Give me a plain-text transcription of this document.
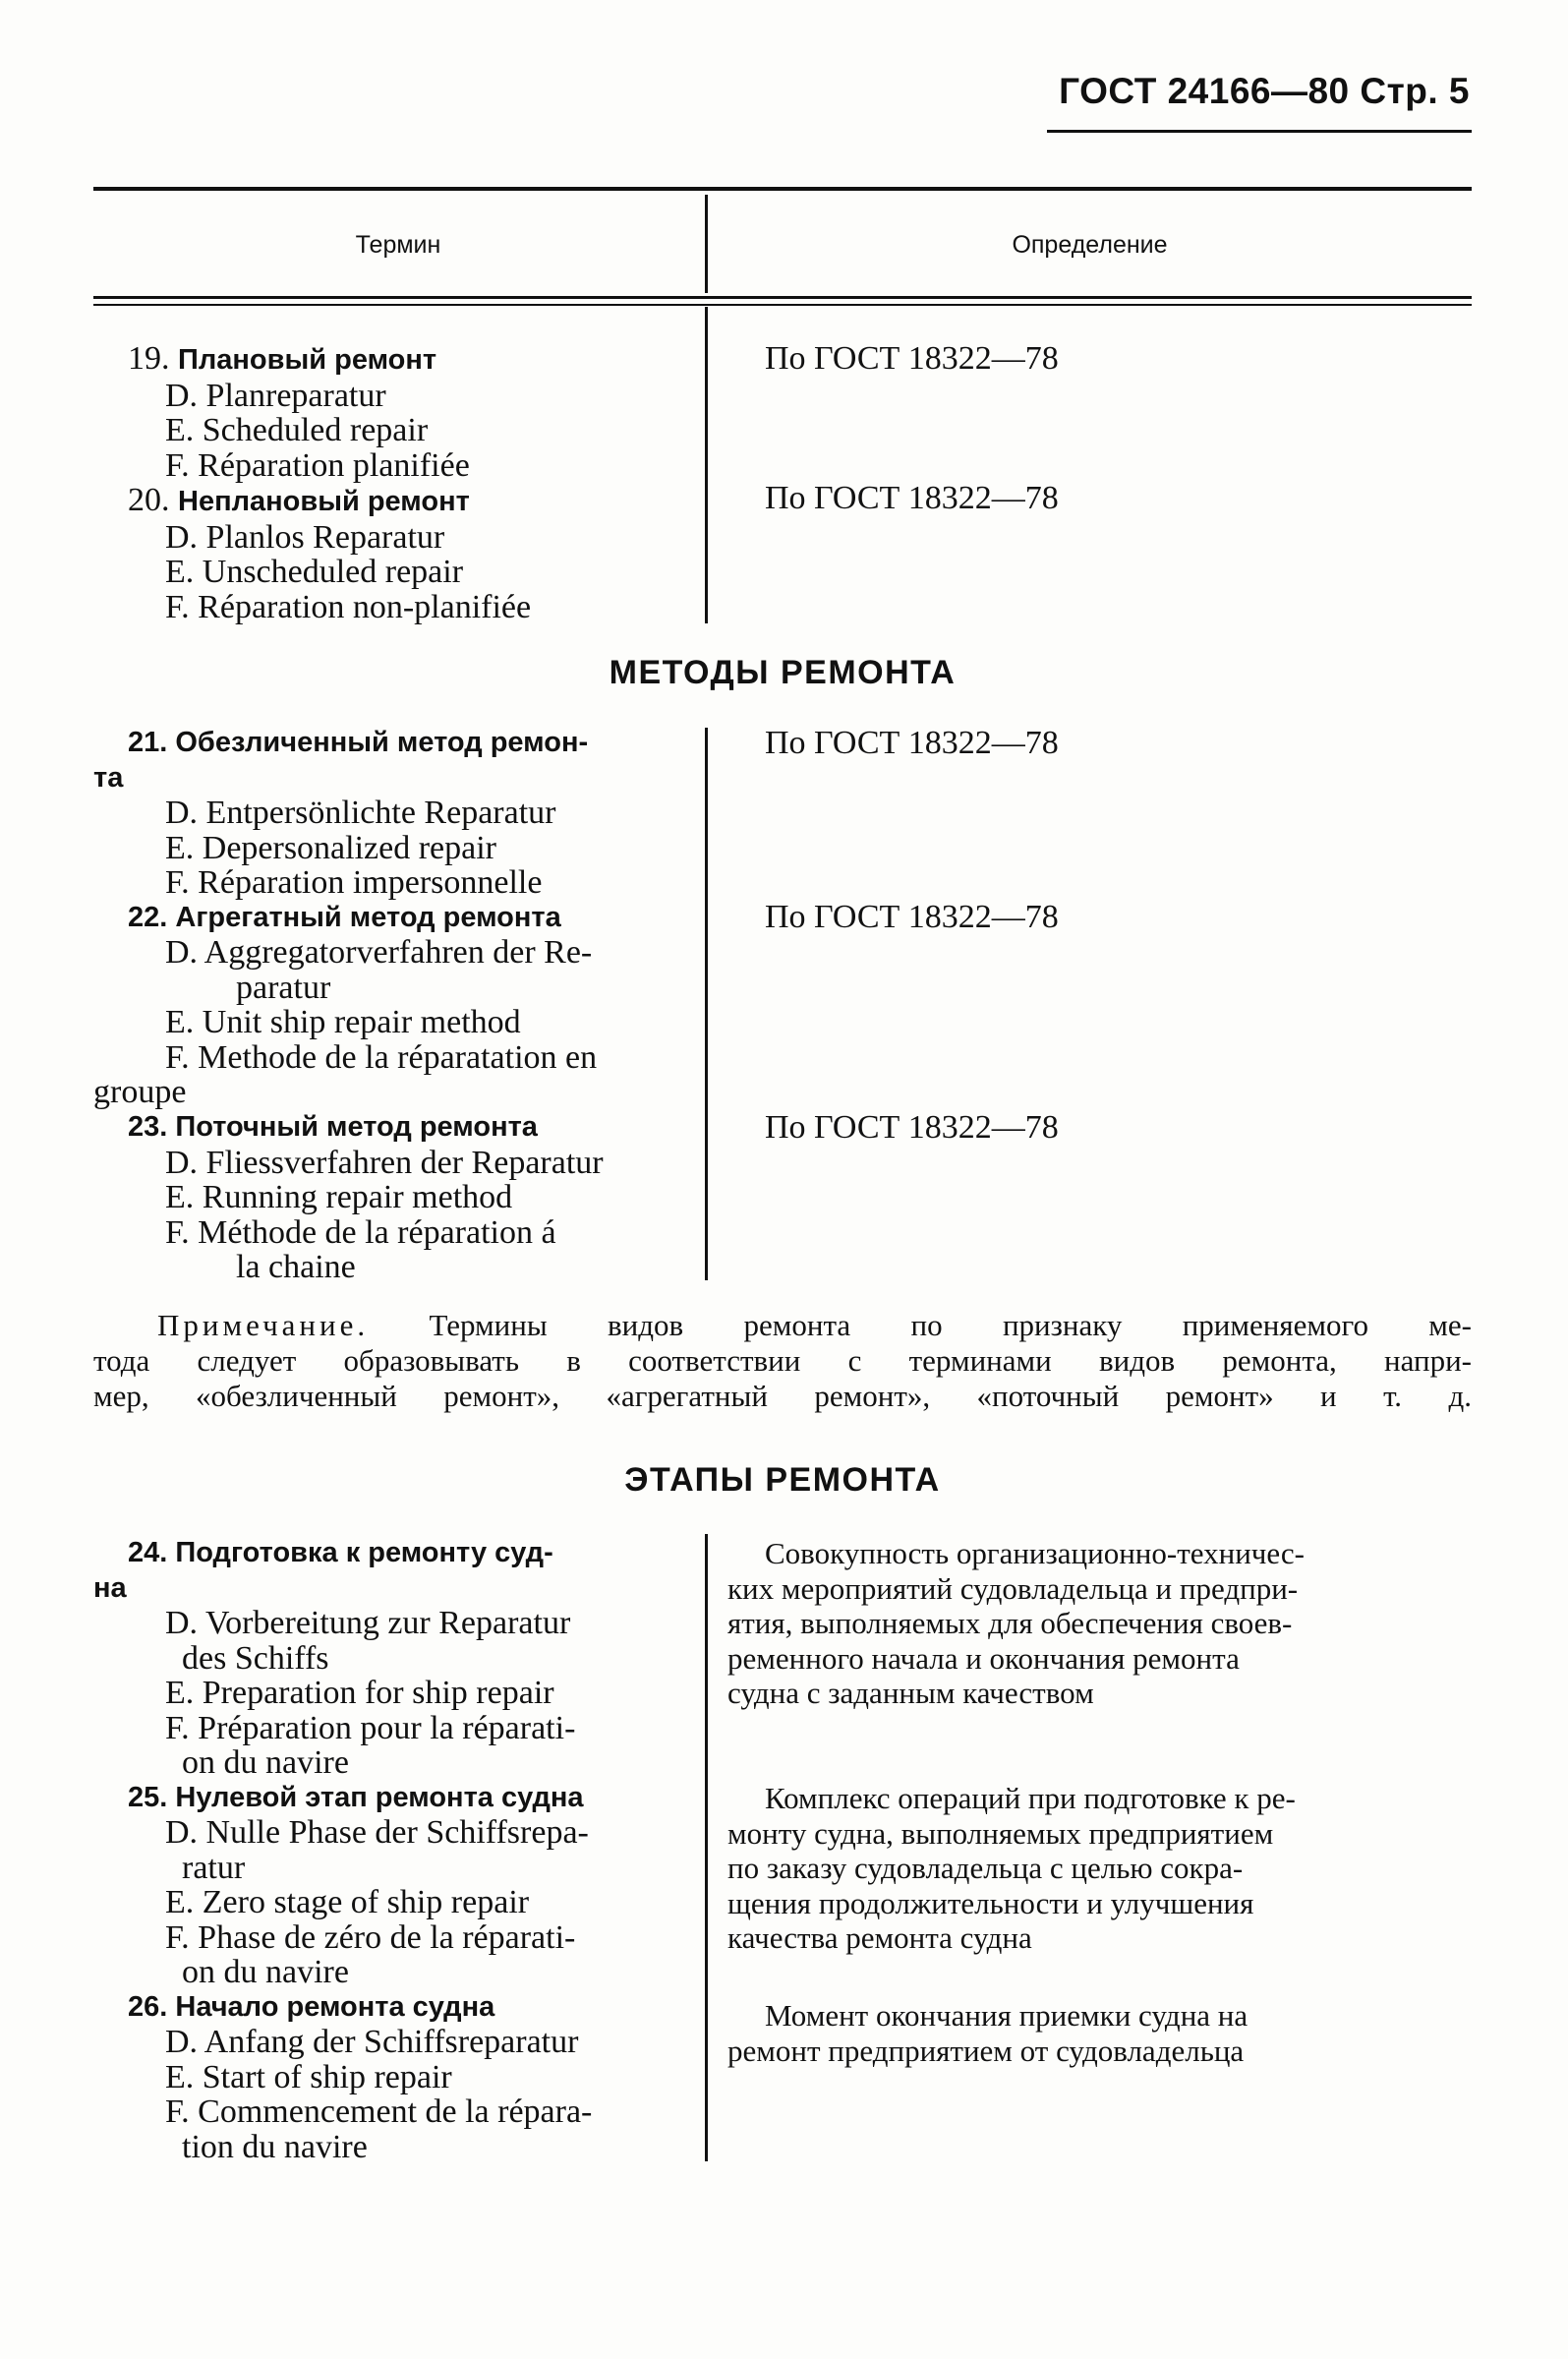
ГОСТ 24166—80 Стр. 5
Термин	Определение
19. Плановый ремонт
D. Planreparatur
E. Scheduled repair
F. Réparation planifiée
20. Неплановый ремонт
D. Planlos Reparatur
E. Unscheduled repair
F. Réparation non-planifiée
По ГОСТ 18322—78
По ГОСТ 18322—78
МЕТОДЫ РЕМОНТА
21. Обезличенный метод ремон-
та
D. Entpersönlichte Reparatur
E. Depersonalized repair
F. Réparation impersonnelle
22. Агрегатный метод ремонта
D. Aggregatorverfahren der Re-
paratur
E. Unit ship repair method
F. Methode de la réparatation en
groupe
23. Поточный метод ремонта
D. Fliessverfahren der Reparatur
E. Running repair method
F. Méthode de la réparation á
la chaine
По ГОСТ 18322—78
По ГОСТ 18322—78
По ГОСТ 18322—78
Примечание. Термины видов ремонта по признаку применяемого ме-
тода следует образовывать в соответствии с терминами видов ремонта, напри-
мер, «обезличенный ремонт», «агрегатный ремонт», «поточный ремонт» и т. д.
ЭТАПЫ РЕМОНТА
24. Подготовка к ремонту суд-
на
D. Vorbereitung zur Reparatur
des Schiffs
E. Preparation for ship repair
F. Préparation pour la réparati-
on du navire
25. Нулевой этап ремонта судна
D. Nulle Phase der Schiffsrepa-
ratur
E. Zero stage of ship repair
F. Phase de zéro de la réparati-
on du navire
26. Начало ремонта судна
D. Anfang der Schiffsreparatur
E. Start of ship repair
F. Commencement de la répara-
tion du navire
Совокупность организационно-техничес-
ких мероприятий судовладельца и предпри-
ятия, выполняемых для обеспечения своев-
ременного начала и окончания ремонта
судна с заданным качеством
Комплекс операций при подготовке к ре-
монту судна, выполняемых предприятием
по заказу судовладельца с целью сокра-
щения продолжительности и улучшения
качества ремонта судна
Момент окончания приемки судна на
ремонт предприятием от судовладельца
